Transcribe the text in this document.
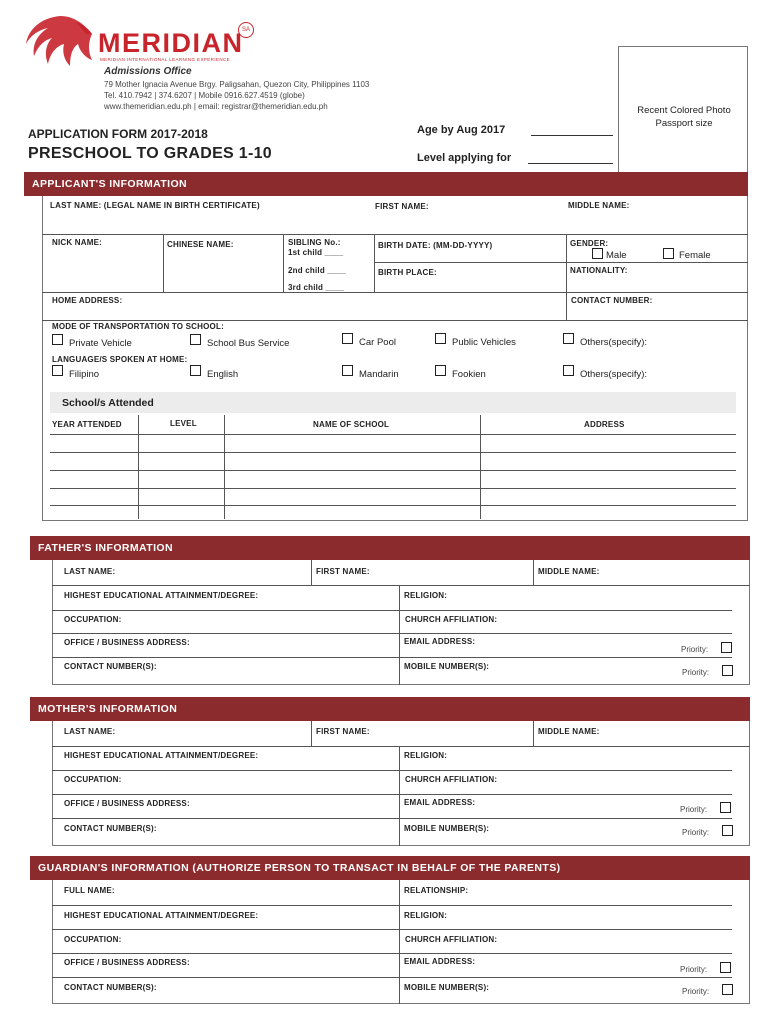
MERIDIAN
SA
MERIDIAN INTERNATIONAL LEARNING EXPERIENCE
Admissions Office
79 Mother Ignacia Avenue Brgy. Paligsahan, Quezon City, Philippines 1103
Tel. 410.7942 | 374.6207 | Mobile 0916.627.4519 (globe)
www.themeridian.edu.ph | email: registrar@themeridian.edu.ph
APPLICATION FORM 2017-2018
PRESCHOOL TO GRADES 1-10
Age by Aug 2017
Level applying for
Recent Colored Photo
Passport size
APPLICANT'S INFORMATION
LAST NAME: (LEGAL NAME IN BIRTH CERTIFICATE)	FIRST NAME:	MIDDLE NAME:
NICK NAME:	CHINESE NAME:	SIBLING No.:
1st child ____
2nd child ____
3rd child ____
BIRTH DATE: (MM-DD-YYYY)
BIRTH PLACE:
GENDER:
Male	Female
NATIONALITY:
HOME ADDRESS:	CONTACT NUMBER:
MODE OF TRANSPORTATION TO SCHOOL:
Private Vehicle	School Bus Service	Car Pool	Public Vehicles	Others(specify):
LANGUAGE/S SPOKEN AT HOME:
Filipino	English	Mandarin	Fookien	Others(specify):
School/s Attended
YEAR ATTENDED	LEVEL	NAME OF SCHOOL	ADDRESS
FATHER'S INFORMATION
LAST NAME:	FIRST NAME:	MIDDLE NAME:
HIGHEST EDUCATIONAL ATTAINMENT/DEGREE:	RELIGION:
OCCUPATION:	CHURCH AFFILIATION:
OFFICE / BUSINESS ADDRESS:	EMAIL ADDRESS:
Priority:
CONTACT NUMBER(S):	MOBILE NUMBER(S):
Priority:
MOTHER'S INFORMATION
LAST NAME:	FIRST NAME:	MIDDLE NAME:
HIGHEST EDUCATIONAL ATTAINMENT/DEGREE:	RELIGION:
OCCUPATION:	CHURCH AFFILIATION:
OFFICE / BUSINESS ADDRESS:	EMAIL ADDRESS:
Priority:
CONTACT NUMBER(S):	MOBILE NUMBER(S):	Priority:
GUARDIAN'S INFORMATION (AUTHORIZE PERSON TO TRANSACT IN BEHALF OF THE PARENTS)
FULL NAME:	RELATIONSHIP:
HIGHEST EDUCATIONAL ATTAINMENT/DEGREE:	RELIGION:
OCCUPATION:	CHURCH AFFILIATION:
OFFICE / BUSINESS ADDRESS:	EMAIL ADDRESS:
Priority:
CONTACT NUMBER(S):	MOBILE NUMBER(S):	Priority:
